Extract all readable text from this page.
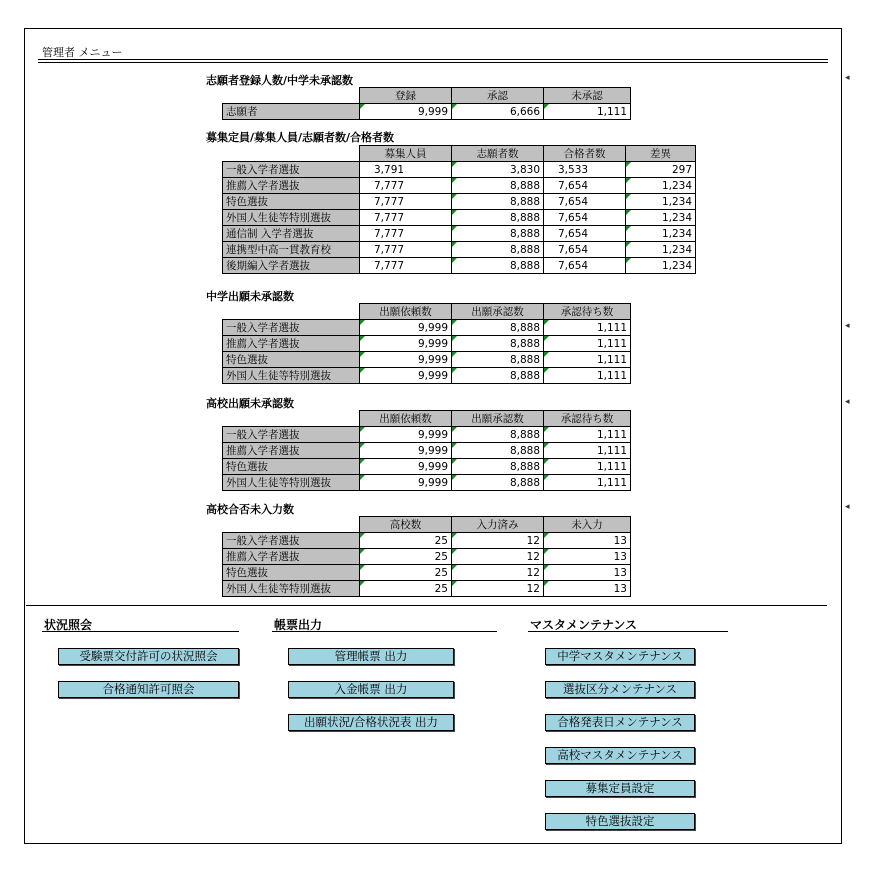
管理者 メニュー
◂
◂
◂
◂
志願者登録人数/中学未承認数
	登録	承認	未承認
志願者	9,999	6,666	1,111
募集定員/募集人員/志願者数/合格者数
	募集人員	志願者数	合格者数	差異
一般入学者選抜	3,791	3,830	3,533	297
推薦入学者選抜	7,777	8,888	7,654	1,234
特色選抜	7,777	8,888	7,654	1,234
外国人生徒等特別選抜	7,777	8,888	7,654	1,234
通信制 入学者選抜	7,777	8,888	7,654	1,234
連携型中高一貫教育校	7,777	8,888	7,654	1,234
後期編入学者選抜	7,777	8,888	7,654	1,234
中学出願未承認数
	出願依頼数	出願承認数	承認待ち数
一般入学者選抜	9,999	8,888	1,111
推薦入学者選抜	9,999	8,888	1,111
特色選抜	9,999	8,888	1,111
外国人生徒等特別選抜	9,999	8,888	1,111
高校出願未承認数
	出願依頼数	出願承認数	承認待ち数
一般入学者選抜	9,999	8,888	1,111
推薦入学者選抜	9,999	8,888	1,111
特色選抜	9,999	8,888	1,111
外国人生徒等特別選抜	9,999	8,888	1,111
高校合否未入力数
	高校数	入力済み	未入力
一般入学者選抜	25	12	13
推薦入学者選抜	25	12	13
特色選抜	25	12	13
外国人生徒等特別選抜	25	12	13
状況照会	帳票出力	マスタメンテナンス
受験票交付許可の状況照会
合格通知許可照会
管理帳票 出力
入金帳票 出力
出願状況/合格状況表 出力
中学マスタメンテナンス
選抜区分メンテナンス
合格発表日メンテナンス
高校マスタメンテナンス
募集定員設定
特色選抜設定
